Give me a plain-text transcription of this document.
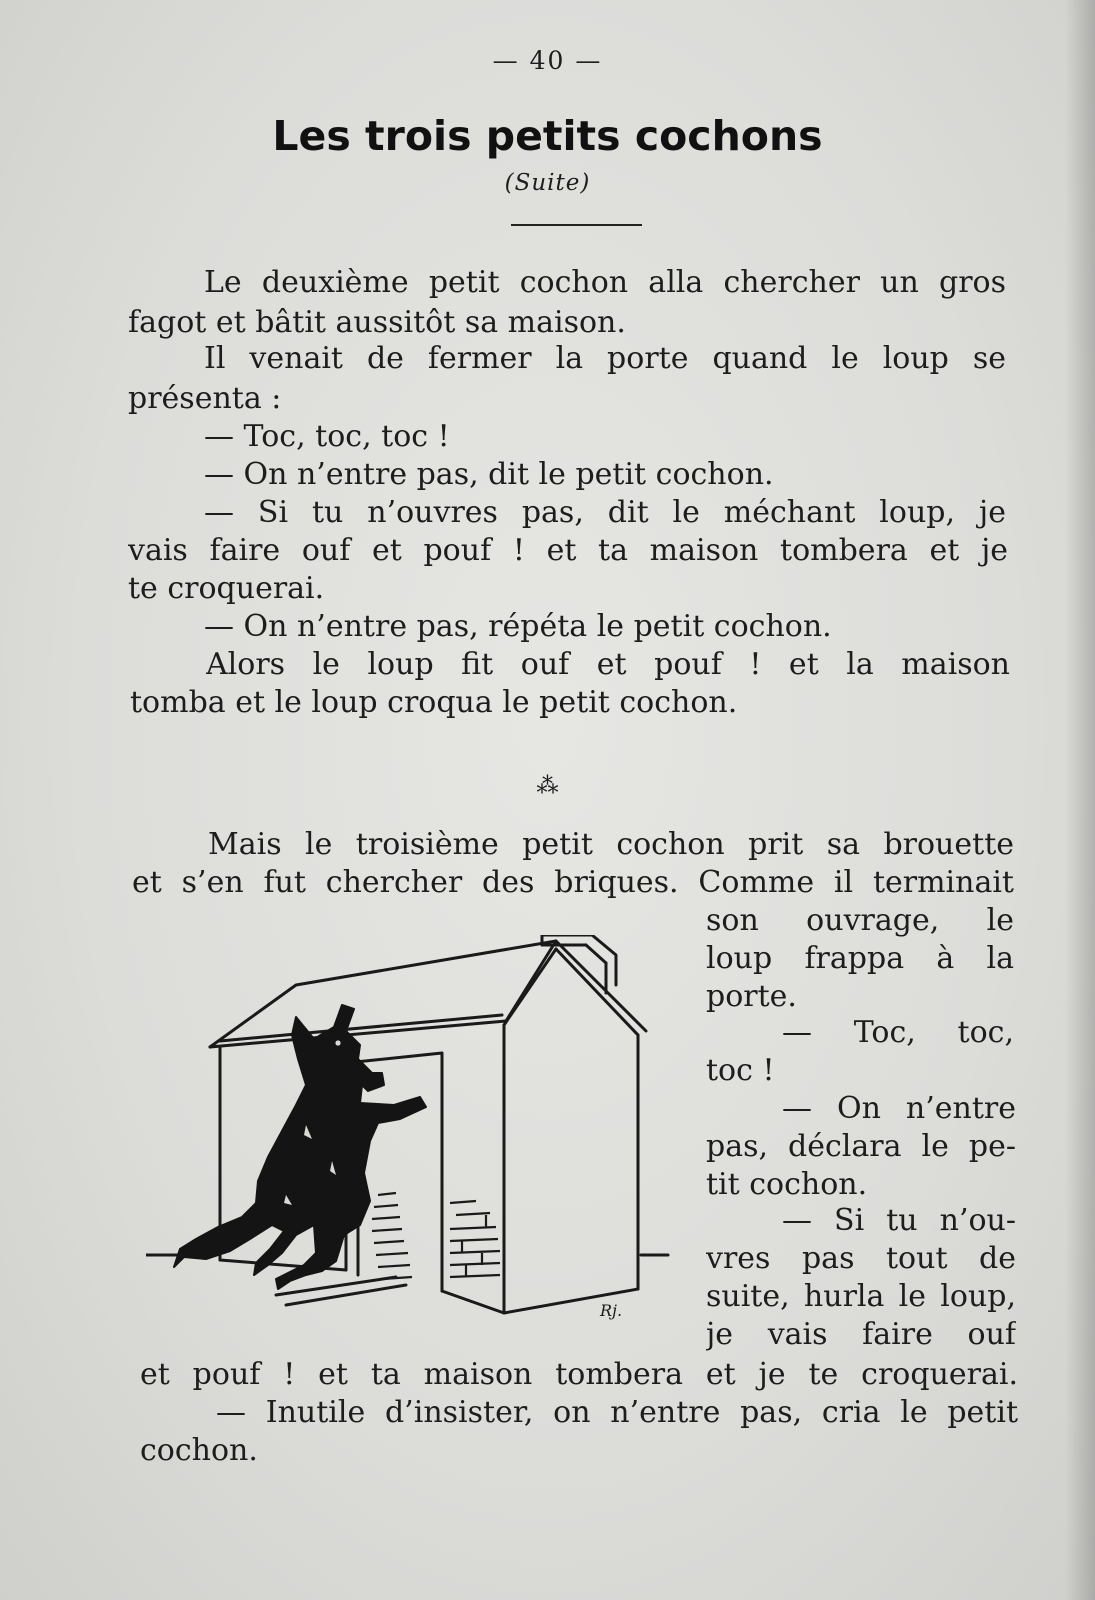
— 40 —
Les trois petits cochons
(Suite)
Le deuxième petit cochon alla chercher un gros
fagot et bâtit aussitôt sa maison.
Il venait de fermer la porte quand le loup se
présenta :
— Toc, toc, toc !
— On n’entre pas, dit le petit cochon.
— Si tu n’ouvres pas, dit le méchant loup, je
vais faire ouf et pouf ! et ta maison tombera et je
te croquerai.
— On n’entre pas, répéta le petit cochon.
Alors le loup fit ouf et pouf ! et la maison
tomba et le loup croqua le petit cochon.
⁂
Mais le troisième petit cochon prit sa brouette
et s’en fut chercher des briques. Comme il terminait
son ouvrage, le
loup frappa à la
porte.
— Toc, toc,
toc !
— On n’entre
pas, déclara le pe-
tit cochon.
— Si tu n’ou-
vres pas tout de
suite, hurla le loup,
je vais faire ouf
et pouf ! et ta maison tombera et je te croquerai.
— Inutile d’insister, on n’entre pas, cria le petit
cochon.
Rj.
